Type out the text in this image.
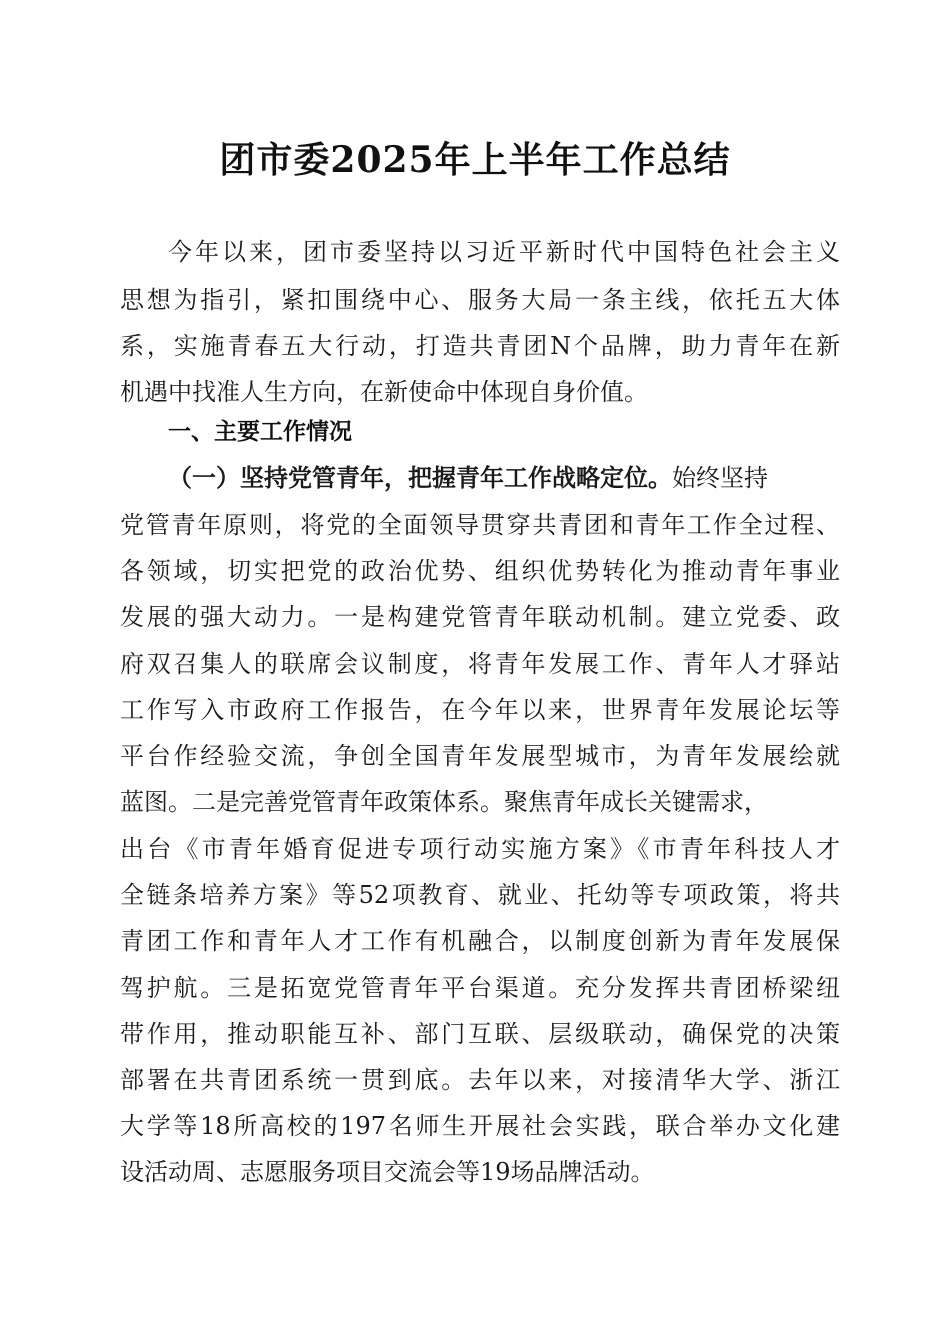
团市委2025年上半年工作总结
今年以来，团市委坚持以习近平新时代中国特色社会主义
思想为指引，紧扣围绕中心、服务大局一条主线，依托五大体
系，实施青春五大行动，打造共青团N个品牌，助力青年在新
机遇中找准人生方向，在新使命中体现自身价值。
一、主要工作情况
（一）坚持党管青年，把握青年工作战略定位。始终坚持
党管青年原则，将党的全面领导贯穿共青团和青年工作全过程、
各领域，切实把党的政治优势、组织优势转化为推动青年事业
发展的强大动力。一是构建党管青年联动机制。建立党委、政
府双召集人的联席会议制度，将青年发展工作、青年人才驿站
工作写入市政府工作报告，在今年以来，世界青年发展论坛等
平台作经验交流，争创全国青年发展型城市，为青年发展绘就
蓝图。二是完善党管青年政策体系。聚焦青年成长关键需求，
出台《市青年婚育促进专项行动实施方案》《市青年科技人才
全链条培养方案》等52项教育、就业、托幼等专项政策，将共
青团工作和青年人才工作有机融合，以制度创新为青年发展保
驾护航。三是拓宽党管青年平台渠道。充分发挥共青团桥梁纽
带作用，推动职能互补、部门互联、层级联动，确保党的决策
部署在共青团系统一贯到底。去年以来，对接清华大学、浙江
大学等18所高校的197名师生开展社会实践，联合举办文化建
设活动周、志愿服务项目交流会等19场品牌活动。
